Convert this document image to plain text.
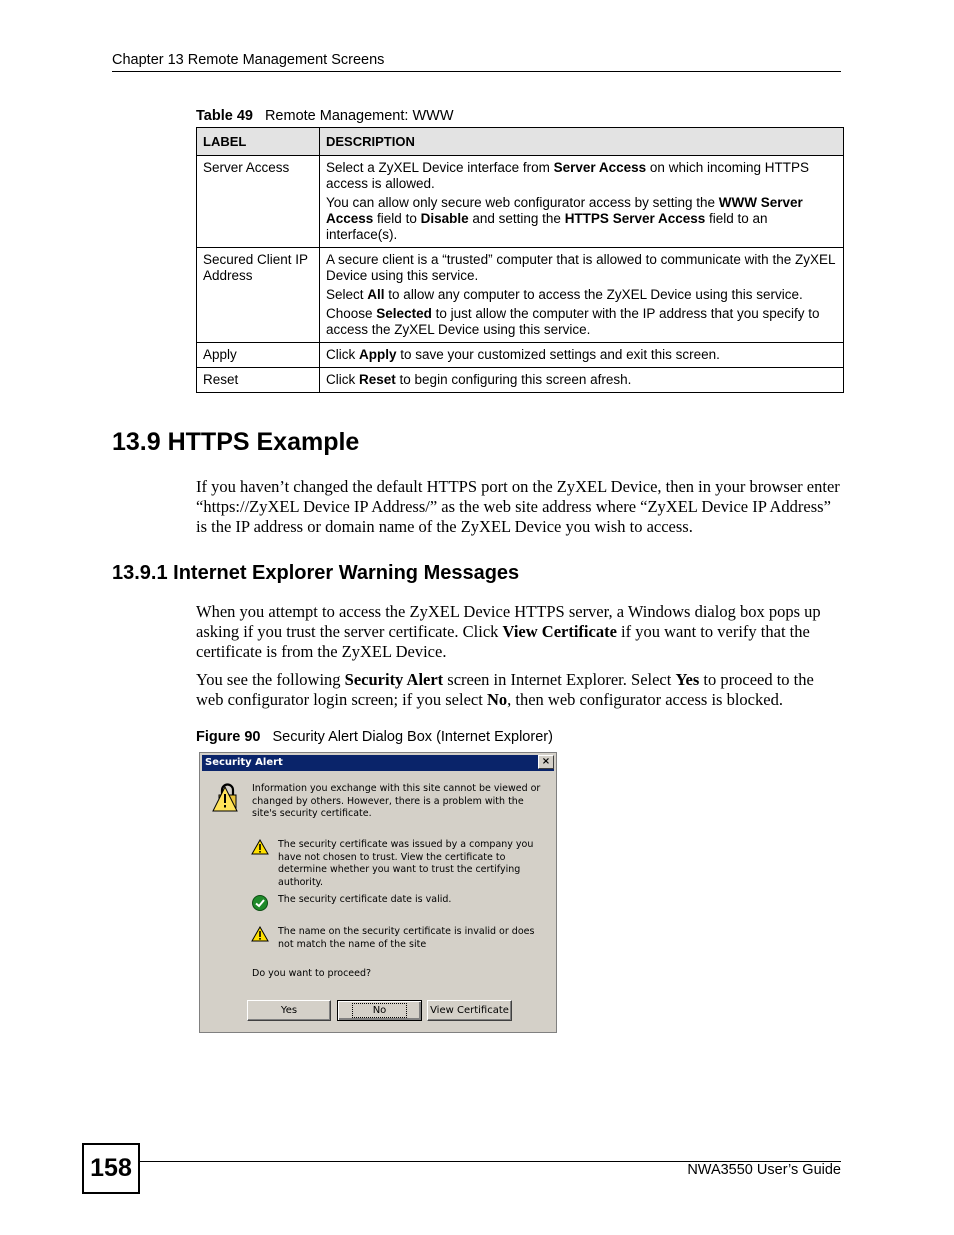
Chapter 13 Remote Management Screens
Table 49 Remote Management: WWW
LABEL	DESCRIPTION
Server Access	Select a ZyXEL Device interface from Server Access on which incoming HTTPS access is allowed.

You can allow only secure web configurator access by setting the WWW Server Access field to Disable and setting the HTTPS Server Access field to an interface(s).

Secured Client IP Address	A secure client is a “trusted” computer that is allowed to communicate with the ZyXEL Device using this service.

Select All to allow any computer to access the ZyXEL Device using this service.

Choose Selected to just allow the computer with the IP address that you specify to access the ZyXEL Device using this service.

Apply	Click Apply to save your customized settings and exit this screen.

Reset	Click Reset to begin configuring this screen afresh.

13.9 HTTPS Example

If you haven’t changed the default HTTPS port on the ZyXEL Device, then in your browser enter “https://ZyXEL Device IP Address/” as the web site address where “ZyXEL Device IP Address” is the IP address or domain name of the ZyXEL Device you wish to access.

13.9.1 Internet Explorer Warning Messages

When you attempt to access the ZyXEL Device HTTPS server, a Windows dialog box pops up asking if you trust the server certificate. Click View Certificate if you want to verify that the certificate is from the ZyXEL Device.

You see the following Security Alert screen in Internet Explorer. Select Yes to proceed to the web configurator login screen; if you select No, then web configurator access is blocked.

Figure 90 Security Alert Dialog Box (Internet Explorer)
Security Alert	×
Information you exchange with this site cannot be viewed or changed by others. However, there is a problem with the site's security certificate.
The security certificate was issued by a company you have not chosen to trust. View the certificate to determine whether you want to trust the certifying authority.
The security certificate date is valid.
The name on the security certificate is invalid or does not match the name of the site
Do you want to proceed?
Yes	No	View Certificate
158	NWA3550 User’s Guide
